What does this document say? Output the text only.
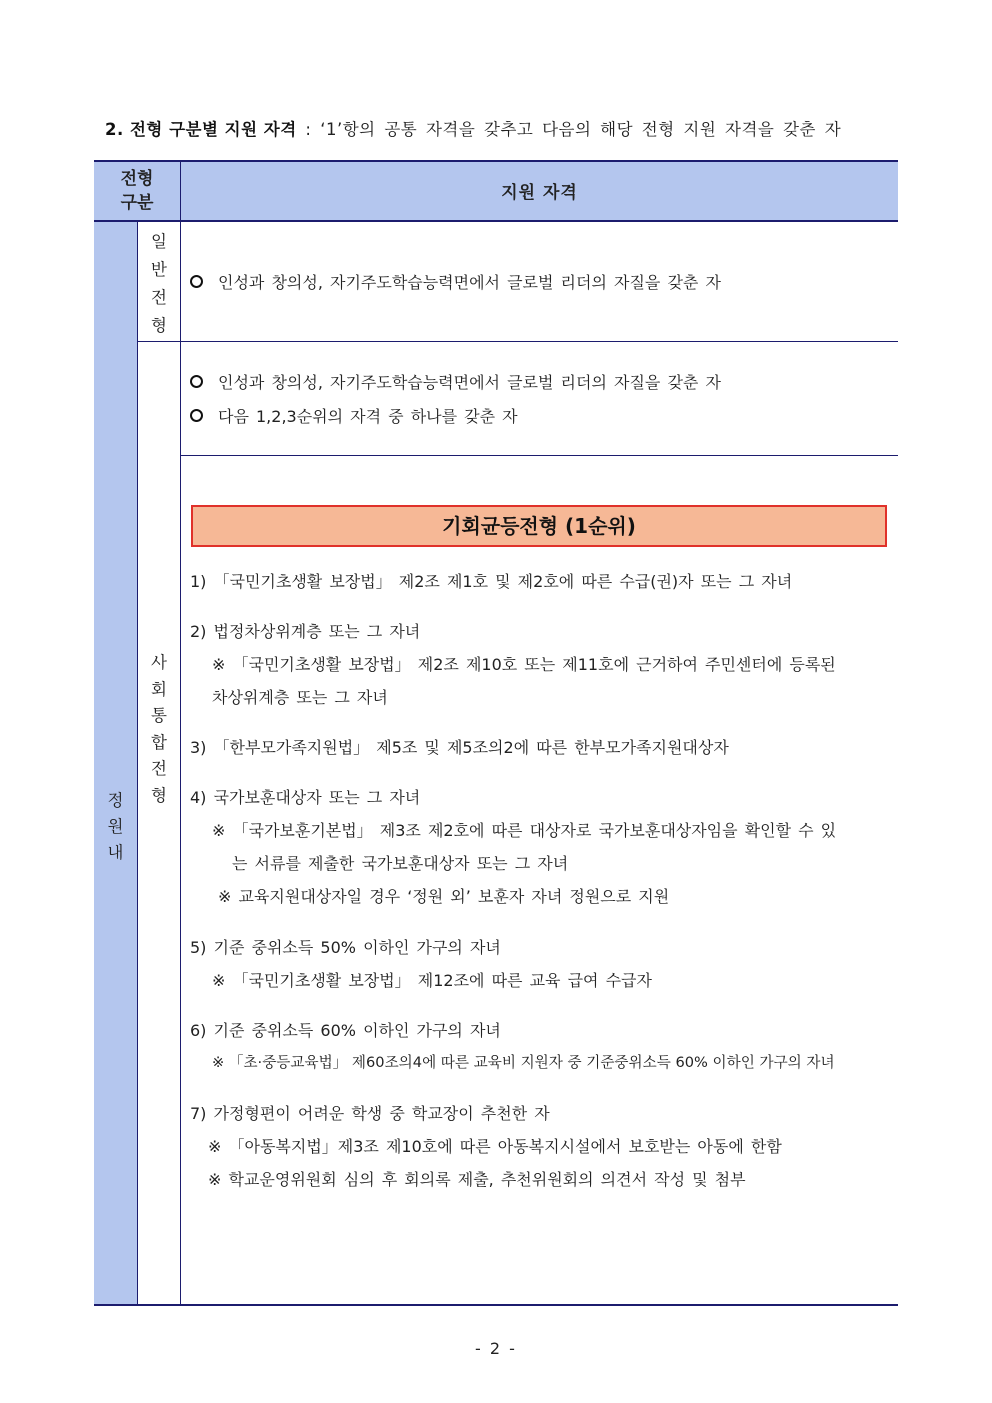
2. 전형 구분별 지원 자격 : ‘1’항의 공통 자격을 갖추고 다음의 해당 전형 지원 자격을 갖춘 자
전형
구분	지원 자격
정
원
내
일
반
전
형
인성과 창의성, 자기주도학습능력면에서 글로벌 리더의 자질을 갖춘 자
사
회
통
합
전
형
인성과 창의성, 자기주도학습능력면에서 글로벌 리더의 자질을 갖춘 자
다음 1,2,3순위의 자격 중 하나를 갖춘 자
기회균등전형 (1순위)
1) 「국민기초생활 보장법」 제2조 제1호 및 제2호에 따른 수급(권)자 또는 그 자녀
2) 법정차상위계층 또는 그 자녀
※ 「국민기초생활 보장법」 제2조 제10호 또는 제11호에 근거하여 주민센터에 등록된
차상위계층 또는 그 자녀
3) 「한부모가족지원법」 제5조 및 제5조의2에 따른 한부모가족지원대상자
4) 국가보훈대상자 또는 그 자녀
※ 「국가보훈기본법」 제3조 제2호에 따른 대상자로 국가보훈대상자임을 확인할 수 있
는 서류를 제출한 국가보훈대상자 또는 그 자녀
※ 교육지원대상자일 경우 ‘정원 외’ 보훈자 자녀 정원으로 지원
5) 기준 중위소득 50% 이하인 가구의 자녀
※ 「국민기초생활 보장법」 제12조에 따른 교육 급여 수급자
6) 기준 중위소득 60% 이하인 가구의 자녀
※ 「초·중등교육법」 제60조의4에 따른 교육비 지원자 중 기준중위소득 60% 이하인 가구의 자녀
7) 가정형편이 어려운 학생 중 학교장이 추천한 자
※ 「아동복지법」제3조 제10호에 따른 아동복지시설에서 보호받는 아동에 한함
※ 학교운영위원회 심의 후 회의록 제출, 추천위원회의 의견서 작성 및 첨부
- 2 -
